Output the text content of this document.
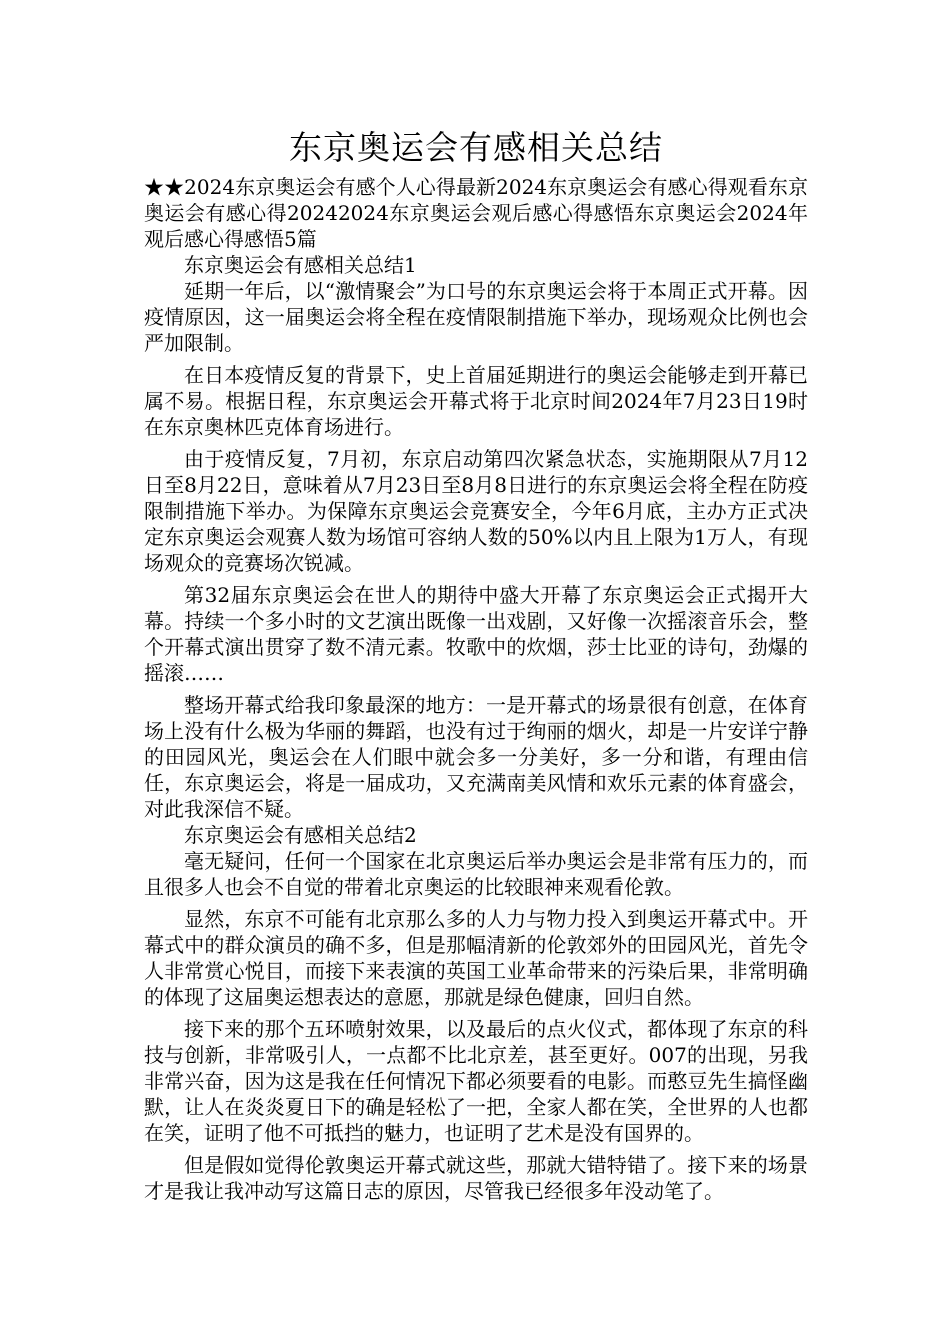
东京奥运会有感相关总结

★★2024东京奥运会有感个人心得最新2024东京奥运会有感心得观看东京奥运会有感心得20242024东京奥运会观后感心得感悟东京奥运会2024年观后感心得感悟5篇

东京奥运会有感相关总结1

延期一年后，以“激情聚会”为口号的东京奥运会将于本周正式开幕。因疫情原因，这一届奥运会将全程在疫情限制措施下举办，现场观众比例也会严加限制。

在日本疫情反复的背景下，史上首届延期进行的奥运会能够走到开幕已属不易。根据日程，东京奥运会开幕式将于北京时间2024年7月23日19时在东京奥林匹克体育场进行。

由于疫情反复，7月初，东京启动第四次紧急状态，实施期限从7月12日至8月22日，意味着从7月23日至8月8日进行的东京奥运会将全程在防疫限制措施下举办。为保障东京奥运会竞赛安全，今年6月底，主办方正式决定东京奥运会观赛人数为场馆可容纳人数的50%以内且上限为1万人，有现场观众的竞赛场次锐减。

第32届东京奥运会在世人的期待中盛大开幕了东京奥运会正式揭开大幕。持续一个多小时的文艺演出既像一出戏剧，又好像一次摇滚音乐会，整个开幕式演出贯穿了数不清元素。牧歌中的炊烟，莎士比亚的诗句，劲爆的摇滚……

整场开幕式给我印象最深的地方：一是开幕式的场景很有创意，在体育场上没有什么极为华丽的舞蹈，也没有过于绚丽的烟火，却是一片安详宁静的田园风光，奥运会在人们眼中就会多一分美好，多一分和谐，有理由信任，东京奥运会，将是一届成功，又充满南美风情和欢乐元素的体育盛会，对此我深信不疑。

东京奥运会有感相关总结2

毫无疑问，任何一个国家在北京奥运后举办奥运会是非常有压力的，而且很多人也会不自觉的带着北京奥运的比较眼神来观看伦敦。

显然，东京不可能有北京那么多的人力与物力投入到奥运开幕式中。开幕式中的群众演员的确不多，但是那幅清新的伦敦郊外的田园风光，首先令人非常赏心悦目，而接下来表演的英国工业革命带来的污染后果，非常明确的体现了这届奥运想表达的意愿，那就是绿色健康，回归自然。

接下来的那个五环喷射效果，以及最后的点火仪式，都体现了东京的科技与创新，非常吸引人，一点都不比北京差，甚至更好。007的出现，另我非常兴奋，因为这是我在任何情况下都必须要看的电影。而憨豆先生搞怪幽默，让人在炎炎夏日下的确是轻松了一把，全家人都在笑，全世界的人也都在笑，证明了他不可抵挡的魅力，也证明了艺术是没有国界的。

但是假如觉得伦敦奥运开幕式就这些，那就大错特错了。接下来的场景才是我让我冲动写这篇日志的原因，尽管我已经很多年没动笔了。
